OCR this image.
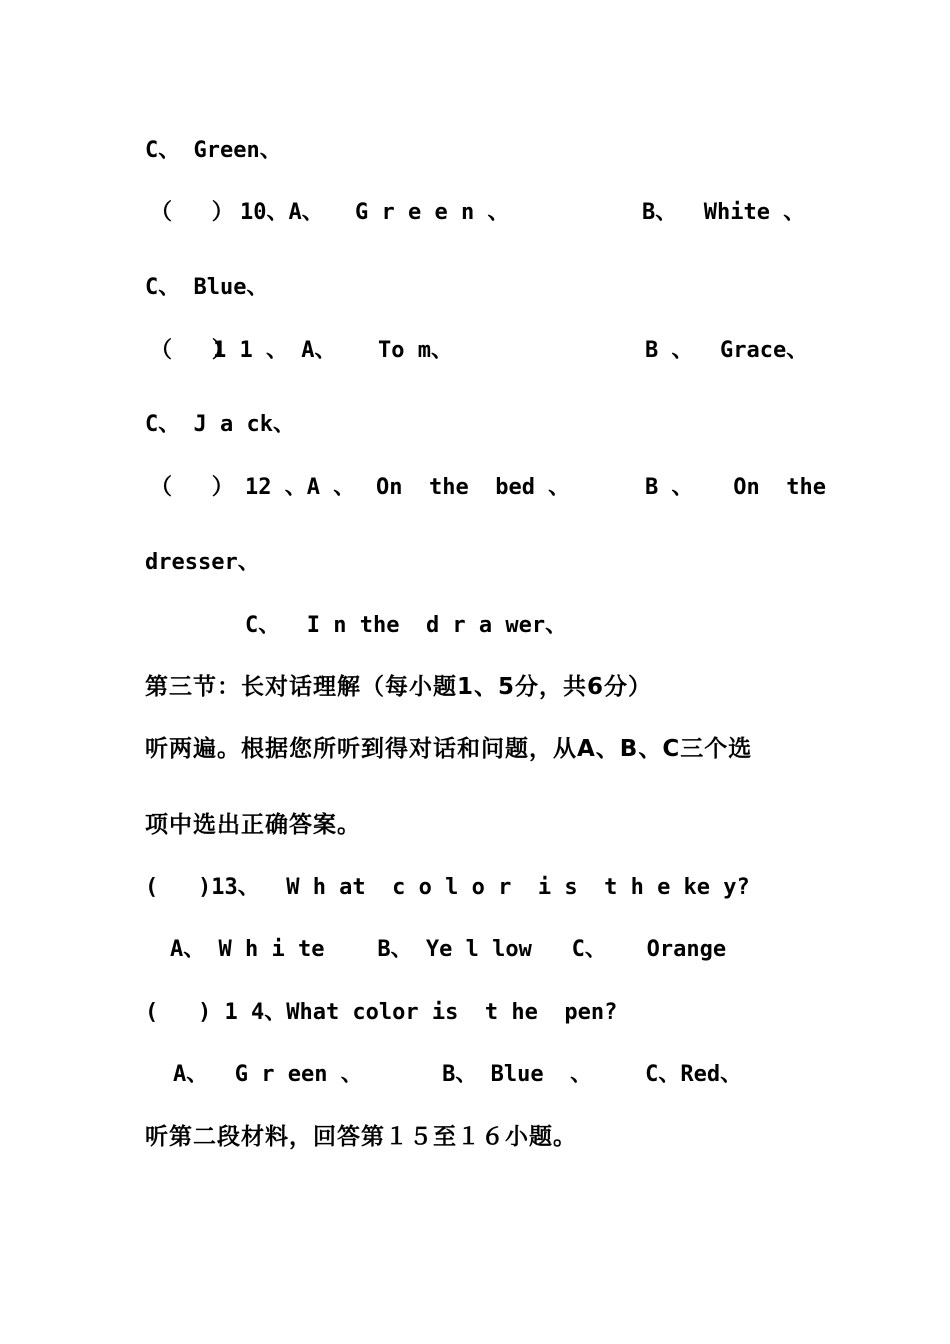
C、 Green、

（   ）

10、A、

G r e e n 、

	B、  White 、

C、 Blue、

（   ）

1 1 、 A、

To m、

	B 、  Grace、

C、 J a ck、

（   ）

12 、A 、

On  the  bed 、

	B 、   On  the

dresser、
C、  I n the  d r a wer、
第三节：长对话理解（每小题1、5分，共6分）
听两遍。根据您所听到得对话和问题，从A、B、C三个选
项中选出正确答案。
(   )13、  W h at  c o l o r  i s  t h e ke y?
A、 W h i te    B、 Ye l low   C、   Orange
(   ) 1 4、What color is  t he  pen?
A、  G r een 、      B、 Blue  、    C、Red、
听第二段材料，回答第１５至１６小题。
